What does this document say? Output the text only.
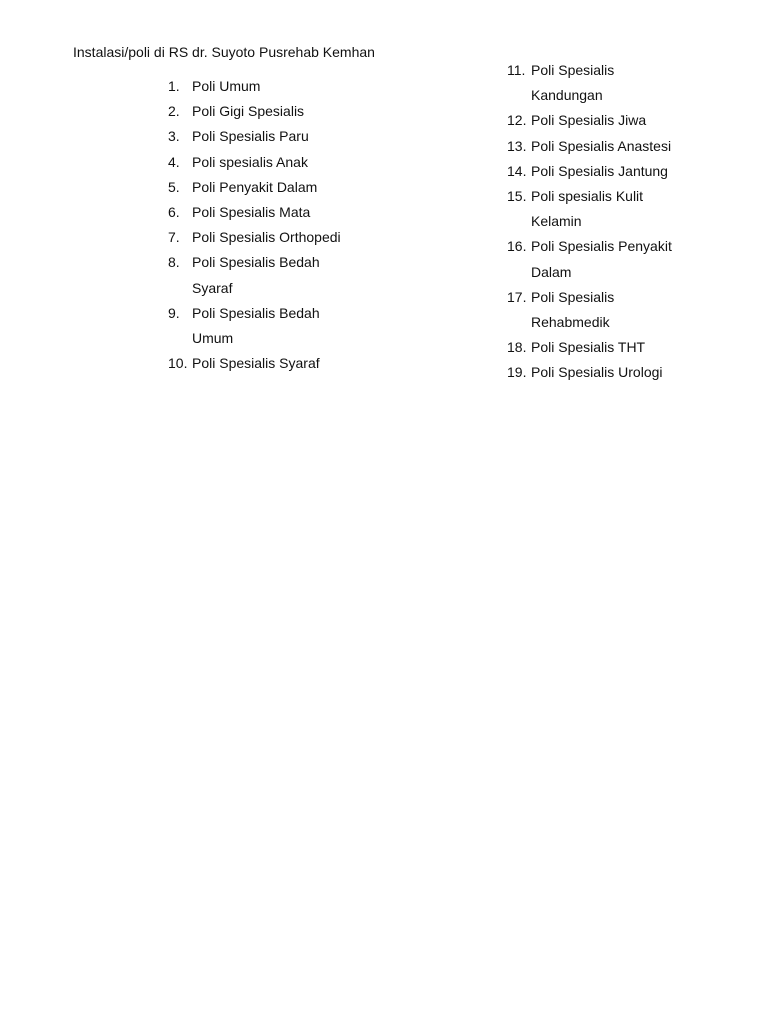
Instalasi/poli di RS dr. Suyoto Pusrehab Kemhan
1. Poli Umum
2. Poli Gigi Spesialis
3. Poli Spesialis Paru
4. Poli spesialis Anak
5. Poli Penyakit Dalam
6. Poli Spesialis Mata
7. Poli Spesialis Orthopedi
8. Poli Spesialis Bedah Syaraf
9. Poli Spesialis Bedah Umum
10. Poli Spesialis Syaraf
11. Poli Spesialis Kandungan
12. Poli Spesialis Jiwa
13. Poli Spesialis Anastesi
14. Poli Spesialis Jantung
15. Poli spesialis Kulit Kelamin
16. Poli Spesialis Penyakit Dalam
17. Poli Spesialis Rehabmedik
18. Poli Spesialis THT
19. Poli Spesialis Urologi
